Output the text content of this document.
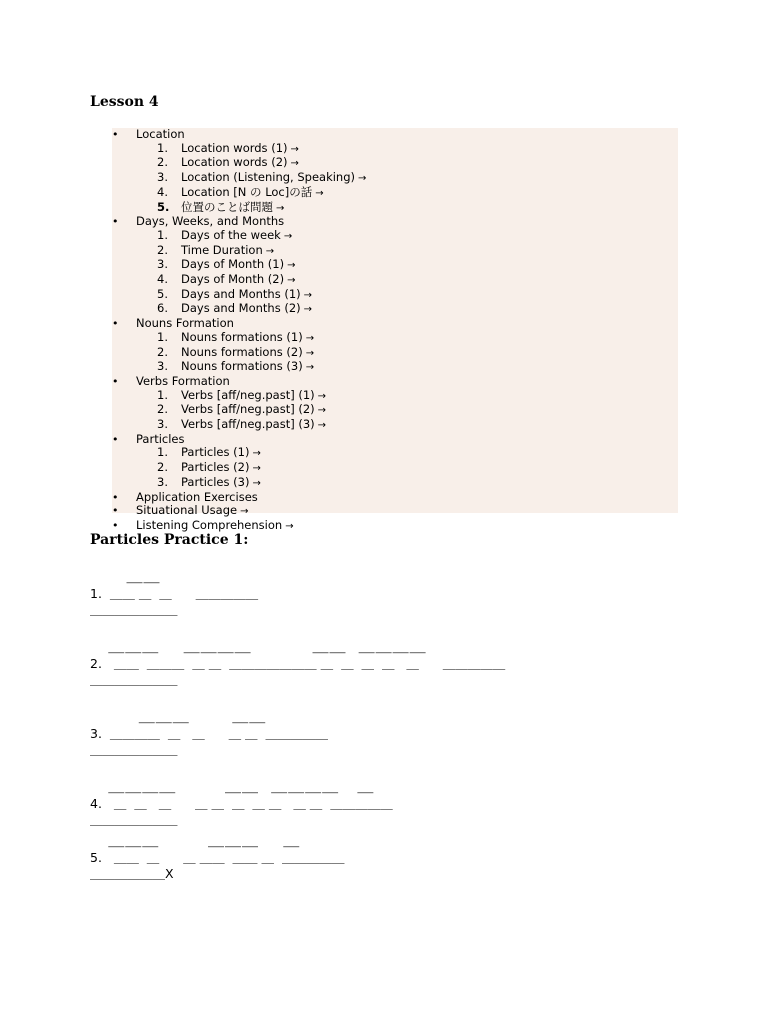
Lesson 4
• Location
1.	Location words (1) →
2.	Location words (2) →
3.	Location (Listening, Speaking) →
4.	Location [N の Loc]の話 →
5.	位置のことば問題 →
• Days, Weeks, and Months
1.	Days of the week →
2.	Time Duration →
3.	Days of Month (1) →
4.	Days of Month (2) →
5.	Days and Months (1) →
6.	Days and Months (2) →
• Nouns Formation
1.	Nouns formations (1) →
2.	Nouns formations (2) →
3.	Nouns formations (3) →
• Verbs Formation
1.	Verbs [aff/neg.past] (1) →
2.	Verbs [aff/neg.past] (2) →
3.	Verbs [aff/neg.past] (3) →
• Particles
1.	Particles (1) →
2.	Particles (2) →
3.	Particles (3) →
• Application Exercises
• Situational Usage →
• Listening Comprehension →
Particles Practice 1:
＿＿
1.  ＿＿ ＿  ＿      ＿＿＿＿＿
＿＿＿＿＿＿＿
＿＿＿    ＿＿＿＿          ＿＿  ＿＿＿＿
2.   ＿＿  ＿＿＿  ＿ ＿  ＿＿＿＿＿＿＿ ＿  ＿  ＿  ＿   ＿      ＿＿＿＿＿
＿＿＿＿＿＿＿
＿＿＿       ＿＿
3.  ＿＿＿＿  ＿   ＿      ＿ ＿  ＿＿＿＿＿
＿＿＿＿＿＿＿
＿＿＿＿        ＿＿  ＿＿＿＿   ＿
4.   ＿  ＿   ＿      ＿ ＿  ＿  ＿ ＿   ＿ ＿  ＿＿＿＿＿
＿＿＿＿＿＿＿
＿＿＿        ＿＿＿    ＿
5.   ＿＿  ＿      ＿ ＿＿  ＿＿ ＿  ＿＿＿＿＿
＿＿＿＿＿＿X
